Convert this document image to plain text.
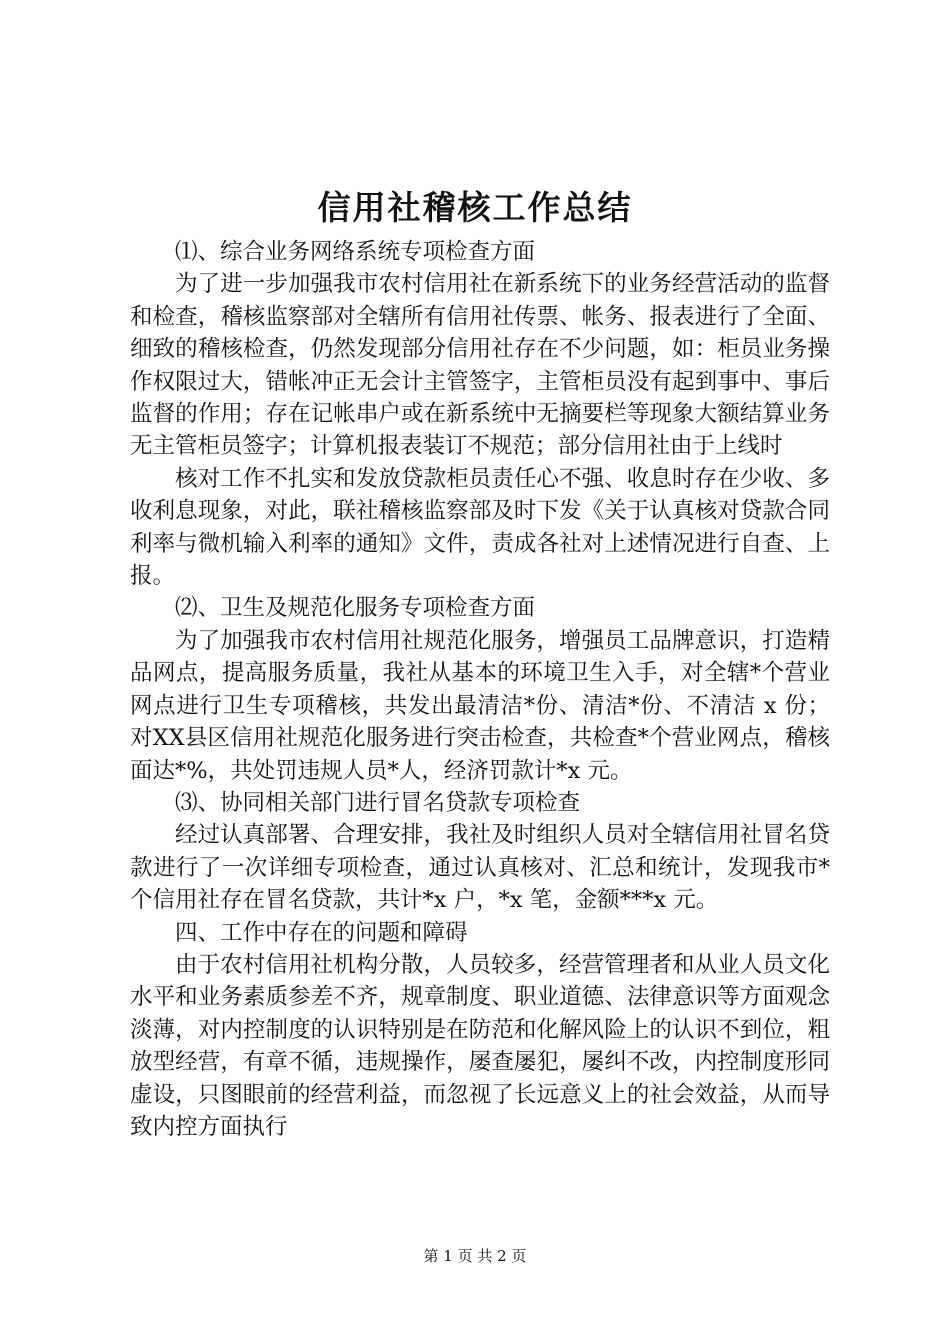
信用社稽核工作总结

⑴、综合业务网络系统专项检查方面

为了进一步加强我市农村信用社在新系统下的业务经营活动的监督和检查，稽核监察部对全辖所有信用社传票、帐务、报表进行了全面、细致的稽核检查，仍然发现部分信用社存在不少问题，如：柜员业务操作权限过大，错帐冲正无会计主管签字，主管柜员没有起到事中、事后监督的作用；存在记帐串户或在新系统中无摘要栏等现象大额结算业务无主管柜员签字；计算机报表装订不规范；部分信用社由于上线时

核对工作不扎实和发放贷款柜员责任心不强、收息时存在少收、多收利息现象，对此，联社稽核监察部及时下发《关于认真核对贷款合同利率与微机输入利率的通知》文件，责成各社对上述情况进行自查、上报。

⑵、卫生及规范化服务专项检查方面

为了加强我市农村信用社规范化服务，增强员工品牌意识，打造精品网点，提高服务质量，我社从基本的环境卫生入手，对全辖*个营业网点进行卫生专项稽核，共发出最清洁*份、清洁*份、不清洁 x 份；对XX县区信用社规范化服务进行突击检查，共检查*个营业网点，稽核面达*%，共处罚违规人员*人，经济罚款计*x 元。

⑶、协同相关部门进行冒名贷款专项检查

经过认真部署、合理安排，我社及时组织人员对全辖信用社冒名贷款进行了一次详细专项检查，通过认真核对、汇总和统计，发现我市*个信用社存在冒名贷款，共计*x 户，*x 笔，金额***x 元。

四、工作中存在的问题和障碍

由于农村信用社机构分散，人员较多，经营管理者和从业人员文化水平和业务素质参差不齐，规章制度、职业道德、法律意识等方面观念淡薄，对内控制度的认识特别是在防范和化解风险上的认识不到位，粗放型经营，有章不循，违规操作，屡查屡犯，屡纠不改，内控制度形同虚设，只图眼前的经营利益，而忽视了长远意义上的社会效益，从而导致内控方面执行

第 1 页 共 2 页
